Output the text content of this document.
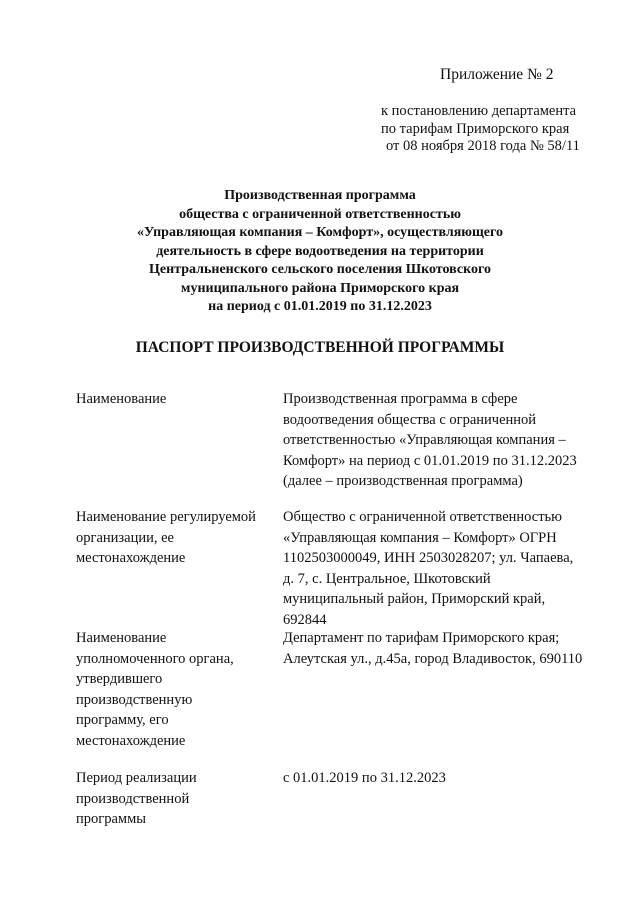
Приложение № 2
к постановлению департамента
по тарифам Приморского края
от 08 ноября 2018 года № 58/11
Производственная программа
общества с ограниченной ответственностью
«Управляющая компания – Комфорт», осуществляющего
деятельность в сфере водоотведения на территории
Центральненского сельского поселения Шкотовского
муниципального района Приморского края
на период с 01.01.2019 по 31.12.2023
ПАСПОРТ ПРОИЗВОДСТВЕННОЙ ПРОГРАММЫ
Наименование	Производственная программа в сфере
водоотведения общества с ограниченной
ответственностью «Управляющая компания –
Комфорт» на период с 01.01.2019 по 31.12.2023
(далее – производственная программа)
Наименование регулируемой
организации, ее
местонахождение
Общество с ограниченной ответственностью
«Управляющая компания – Комфорт» ОГРН
1102503000049, ИНН 2503028207; ул. Чапаева,
д. 7, с. Центральное, Шкотовский
муниципальный район, Приморский край,
692844
Наименование
уполномоченного органа,
утвердившего
производственную
программу, его
местонахождение
Департамент по тарифам Приморского края;
Алеутская ул., д.45а, город Владивосток, 690110
Период реализации
производственной
программы
с 01.01.2019 по 31.12.2023
